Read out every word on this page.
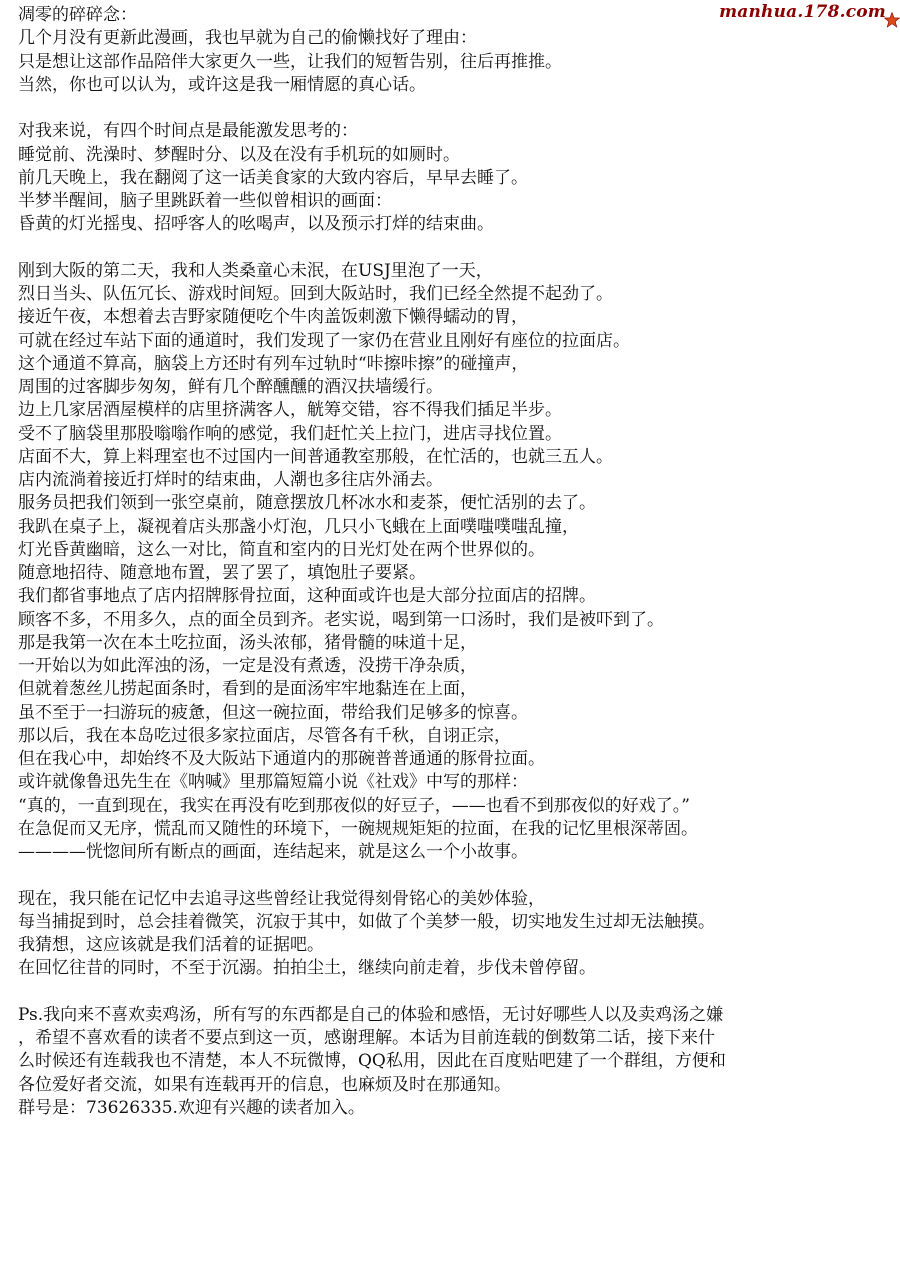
manhua.178.com
凋零的碎碎念：
几个月没有更新此漫画，我也早就为自己的偷懒找好了理由：
只是想让这部作品陪伴大家更久一些，让我们的短暂告别，往后再推推。
当然，你也可以认为，或许这是我一厢情愿的真心话。
对我来说，有四个时间点是最能激发思考的：
睡觉前、洗澡时、梦醒时分、以及在没有手机玩的如厕时。
前几天晚上，我在翻阅了这一话美食家的大致内容后，早早去睡了。
半梦半醒间，脑子里跳跃着一些似曾相识的画面：
昏黄的灯光摇曳、招呼客人的吆喝声，以及预示打烊的结束曲。
刚到大阪的第二天，我和人类桑童心未泯，在USJ里泡了一天，
烈日当头、队伍冗长、游戏时间短。回到大阪站时，我们已经全然提不起劲了。
接近午夜，本想着去吉野家随便吃个牛肉盖饭刺激下懒得蠕动的胃，
可就在经过车站下面的通道时，我们发现了一家仍在营业且刚好有座位的拉面店。
这个通道不算高，脑袋上方还时有列车过轨时“咔擦咔擦”的碰撞声，
周围的过客脚步匆匆，鲜有几个醉醺醺的酒汉扶墙缓行。
边上几家居酒屋模样的店里挤满客人，觥筹交错，容不得我们插足半步。
受不了脑袋里那股嗡嗡作响的感觉，我们赶忙关上拉门，进店寻找位置。
店面不大，算上料理室也不过国内一间普通教室那般，在忙活的，也就三五人。
店内流淌着接近打烊时的结束曲，人潮也多往店外涌去。
服务员把我们领到一张空桌前，随意摆放几杯冰水和麦茶，便忙活别的去了。
我趴在桌子上，凝视着店头那盏小灯泡，几只小飞蛾在上面噗嗤噗嗤乱撞，
灯光昏黄幽暗，这么一对比，简直和室内的日光灯处在两个世界似的。
随意地招待、随意地布置，罢了罢了，填饱肚子要紧。
我们都省事地点了店内招牌豚骨拉面，这种面或许也是大部分拉面店的招牌。
顾客不多，不用多久，点的面全员到齐。老实说，喝到第一口汤时，我们是被吓到了。
那是我第一次在本土吃拉面，汤头浓郁，猪骨髓的味道十足，
一开始以为如此浑浊的汤，一定是没有煮透，没捞干净杂质，
但就着葱丝儿捞起面条时，看到的是面汤牢牢地黏连在上面，
虽不至于一扫游玩的疲惫，但这一碗拉面，带给我们足够多的惊喜。
那以后，我在本岛吃过很多家拉面店，尽管各有千秋，自诩正宗，
但在我心中，却始终不及大阪站下通道内的那碗普普通通的豚骨拉面。
或许就像鲁迅先生在《呐喊》里那篇短篇小说《社戏》中写的那样：
“真的，一直到现在，我实在再没有吃到那夜似的好豆子，——也看不到那夜似的好戏了。”
在急促而又无序，慌乱而又随性的环境下，一碗规规矩矩的拉面，在我的记忆里根深蒂固。
————恍惚间所有断点的画面，连结起来，就是这么一个小故事。
现在，我只能在记忆中去追寻这些曾经让我觉得刻骨铭心的美妙体验，
每当捕捉到时，总会挂着微笑，沉寂于其中，如做了个美梦一般，切实地发生过却无法触摸。
我猜想，这应该就是我们活着的证据吧。
在回忆往昔的同时，不至于沉溺。拍拍尘土，继续向前走着，步伐未曾停留。
Ps.我向来不喜欢卖鸡汤，所有写的东西都是自己的体验和感悟，无讨好哪些人以及卖鸡汤之嫌
，希望不喜欢看的读者不要点到这一页，感谢理解。本话为目前连载的倒数第二话，接下来什
么时候还有连载我也不清楚，本人不玩微博，QQ私用，因此在百度贴吧建了一个群组，方便和
各位爱好者交流，如果有连载再开的信息，也麻烦及时在那通知。
群号是：73626335.欢迎有兴趣的读者加入。
